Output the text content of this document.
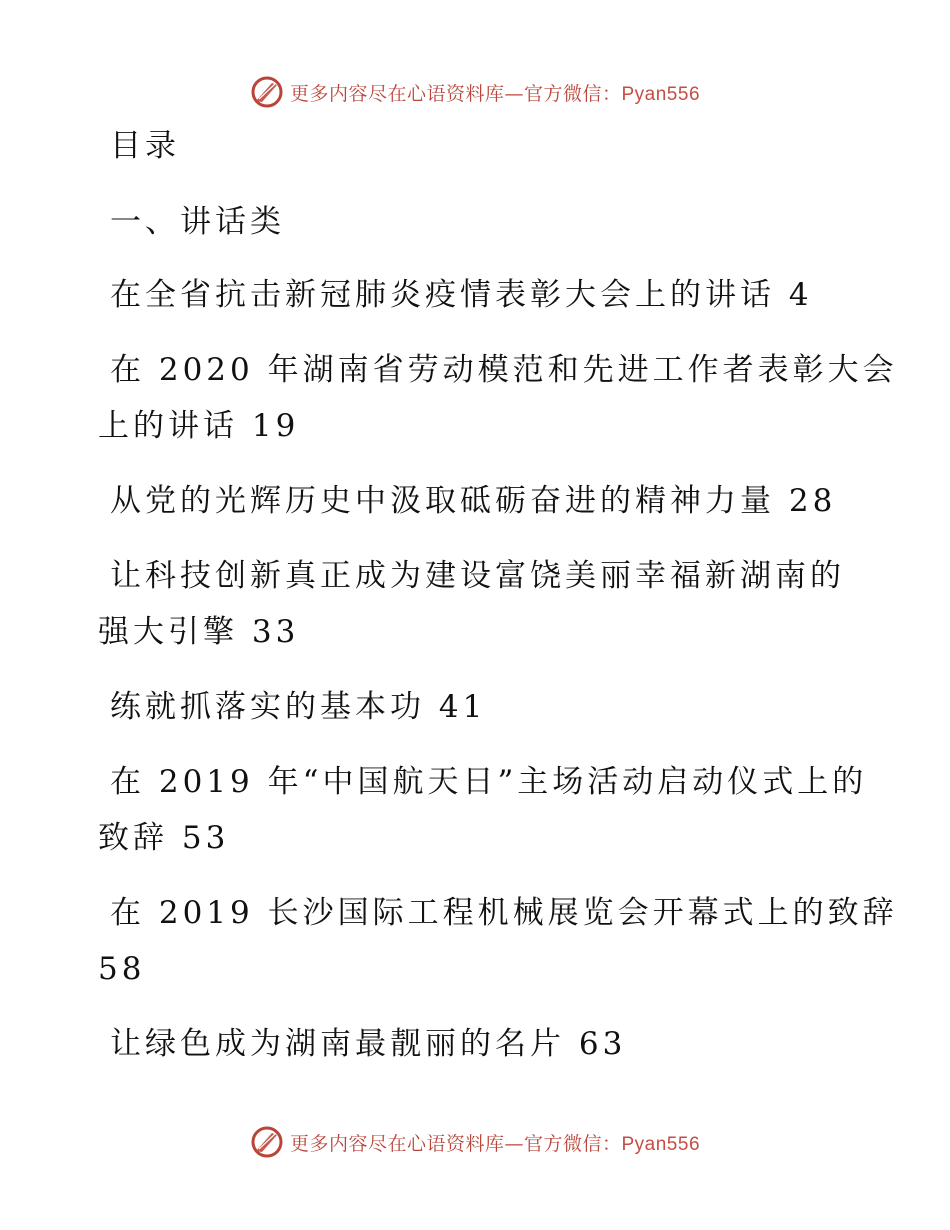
更多内容尽在心语资料库—官方微信：Pyan556
目录
一、讲话类
在全省抗击新冠肺炎疫情表彰大会上的讲话 4
在 2020 年湖南省劳动模范和先进工作者表彰大会
上的讲话 19
从党的光辉历史中汲取砥砺奋进的精神力量 28
让科技创新真正成为建设富饶美丽幸福新湖南的
强大引擎 33
练就抓落实的基本功 41
在 2019 年“中国航天日”主场活动启动仪式上的
致辞 53
在 2019 长沙国际工程机械展览会开幕式上的致辞
58
让绿色成为湖南最靓丽的名片 63
更多内容尽在心语资料库—官方微信：Pyan556
